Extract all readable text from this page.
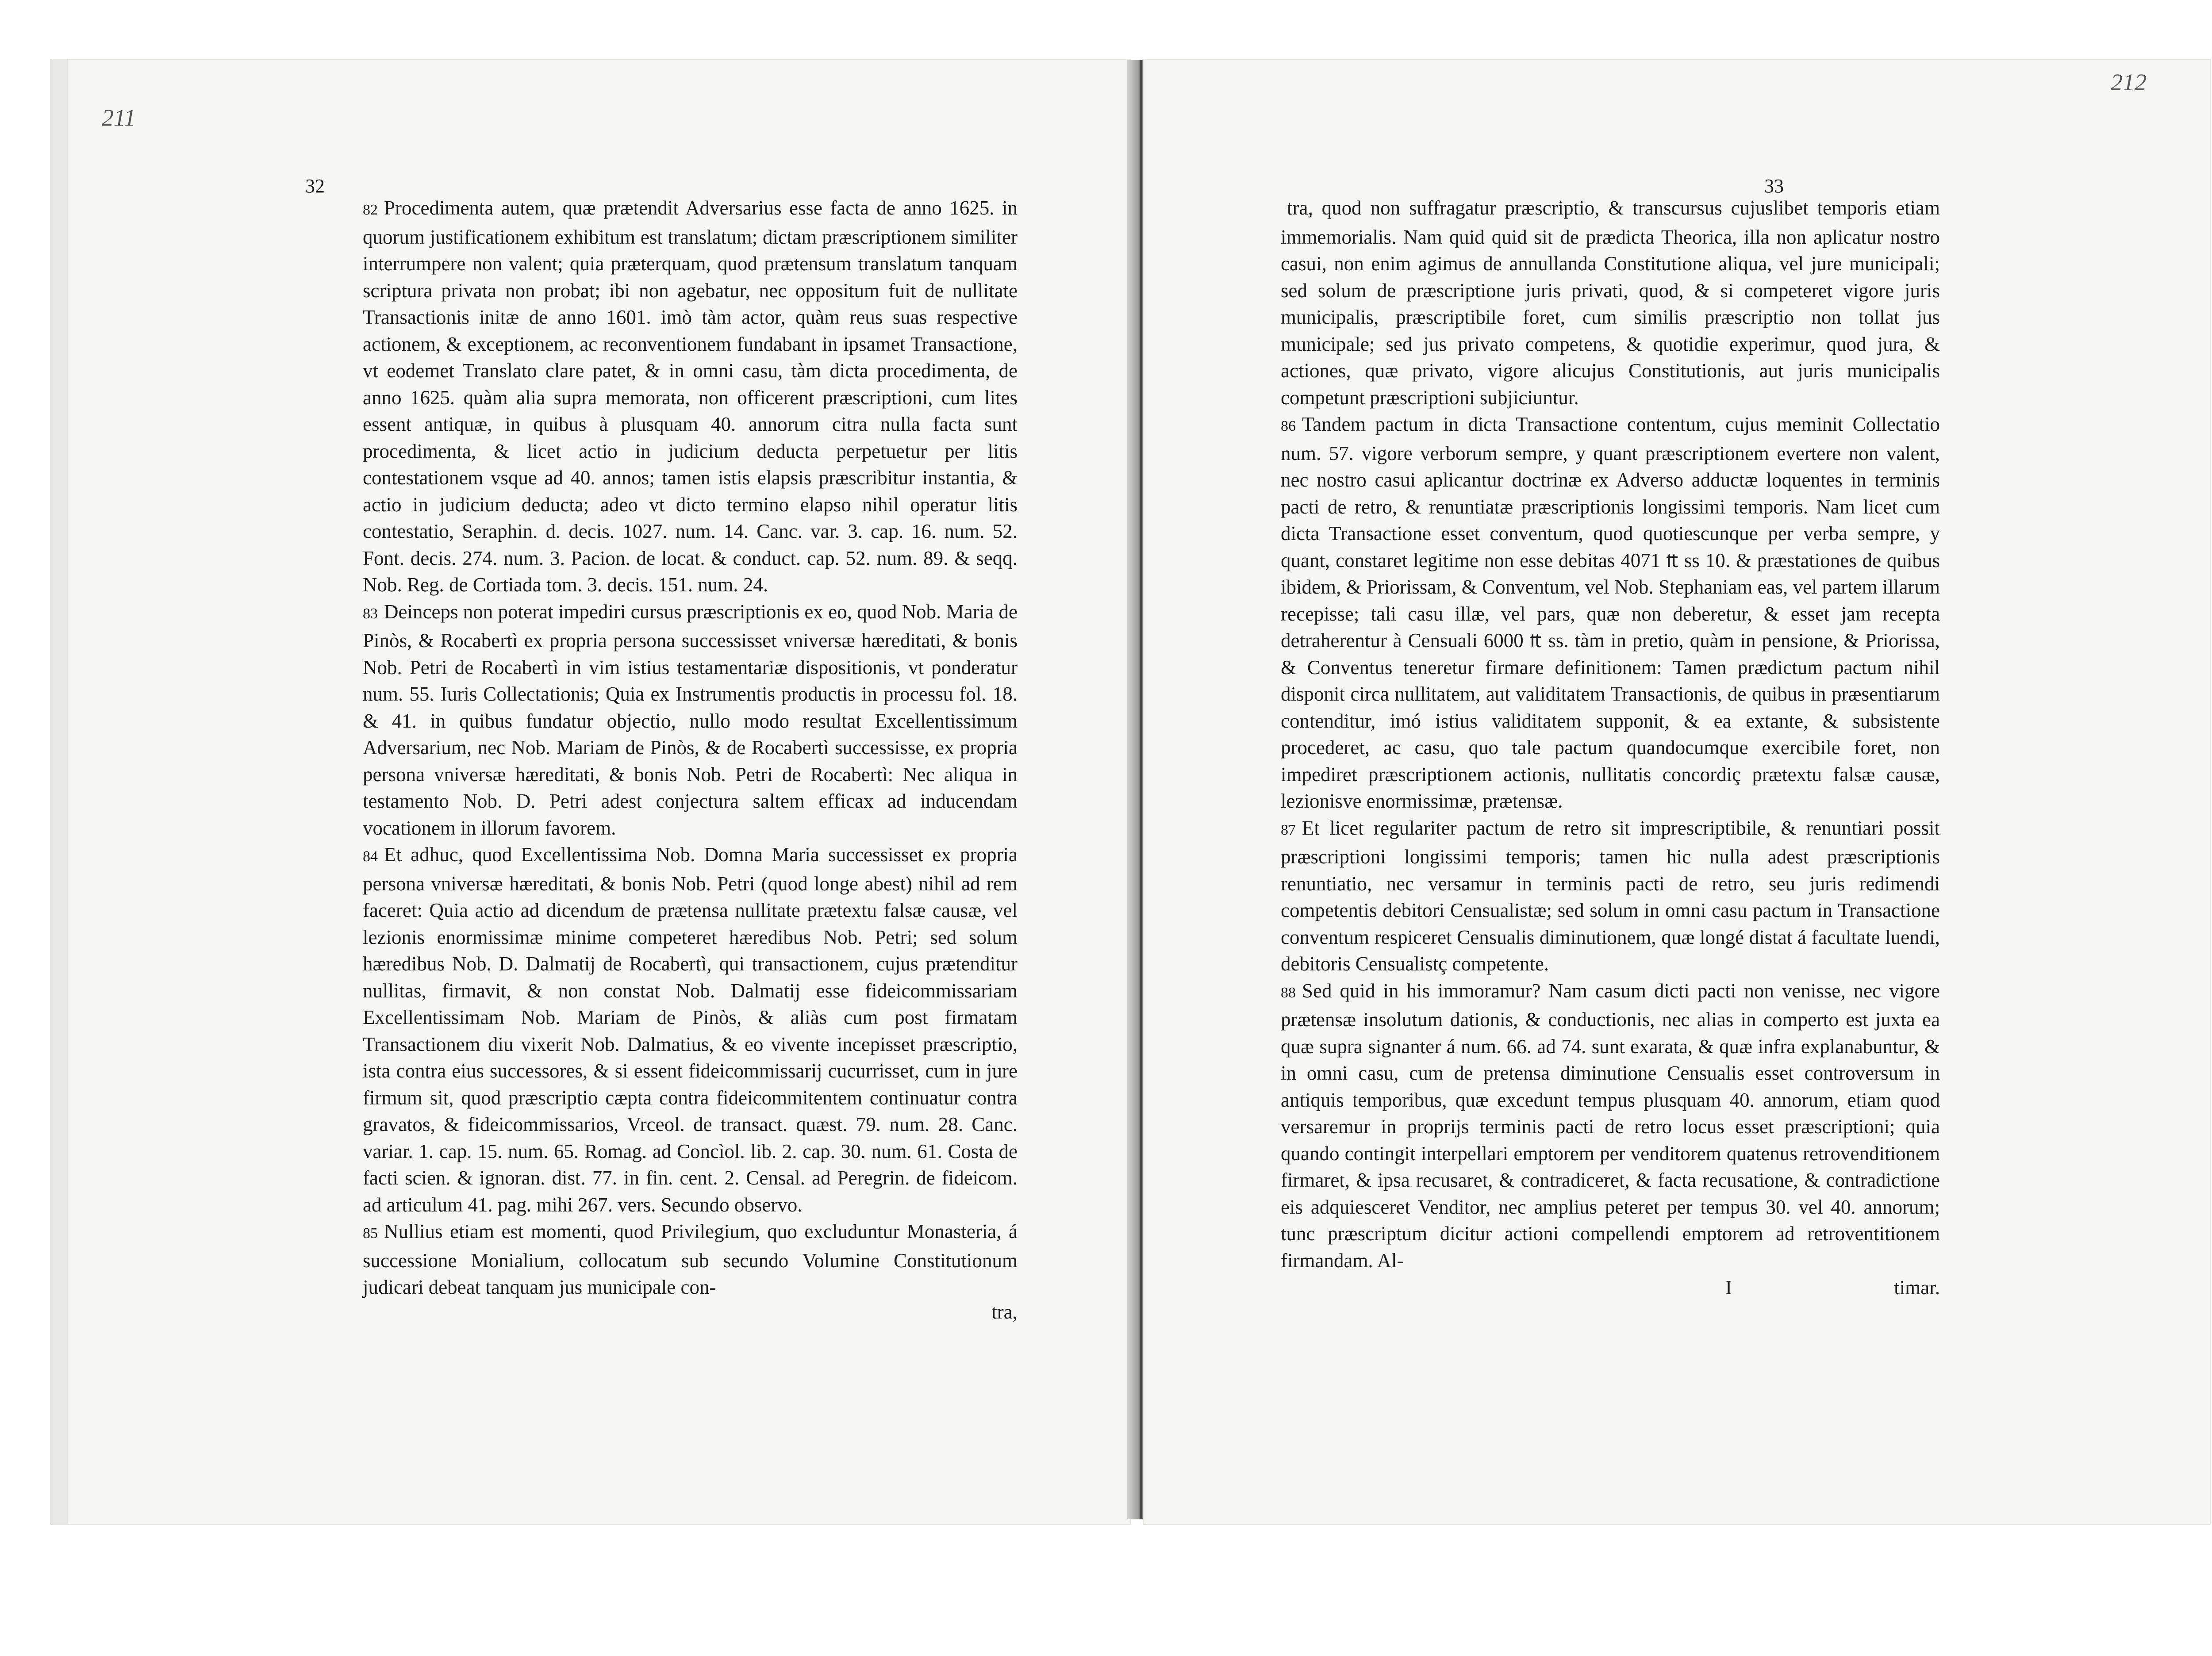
211
212
32	33

82 Procedimenta autem, quæ prætendit Adversarius esse facta de anno 1625. in quorum justificationem exhibitum est translatum; dictam præscriptionem similiter interrumpere non valent; quia præterquam, quod prætensum translatum tanquam scriptura privata non probat; ibi non agebatur, nec oppositum fuit de nullitate Transactionis initæ de anno 1601. imò tàm actor, quàm reus suas respective actionem, & exceptionem, ac reconventionem fundabant in ipsamet Transactione, vt eodemet Translato clare patet, & in omni casu, tàm dicta procedimenta, de anno 1625. quàm alia supra memorata, non officerent præscriptioni, cum lites essent antiquæ, in quibus à plusquam 40. annorum citra nulla facta sunt procedimenta, & licet actio in judicium deducta perpetuetur per litis contestationem vsque ad 40. annos; tamen istis elapsis præscribitur instantia, & actio in judicium deducta; adeo vt dicto termino elapso nihil operatur litis contestatio, Seraphin. d. decis. 1027. num. 14. Canc. var. 3. cap. 16. num. 52. Font. decis. 274. num. 3. Pacion. de locat. & conduct. cap. 52. num. 89. & seqq. Nob. Reg. de Cortiada tom. 3. decis. 151. num. 24.

83 Deinceps non poterat impediri cursus præscriptionis ex eo, quod Nob. Maria de Pinòs, & Rocabertì ex propria persona successisset vniversæ hæreditati, & bonis Nob. Petri de Rocabertì in vim istius testamentariæ dispositionis, vt ponderatur num. 55. Iuris Collectationis; Quia ex Instrumentis productis in processu fol. 18. & 41. in quibus fundatur objectio, nullo modo resultat Excellentissimum Adversarium, nec Nob. Mariam de Pinòs, & de Rocabertì successisse, ex propria persona vniversæ hæreditati, & bonis Nob. Petri de Rocabertì: Nec aliqua in testamento Nob. D. Petri adest conjectura saltem efficax ad inducendam vocationem in illorum favorem.

84 Et adhuc, quod Excellentissima Nob. Domna Maria successisset ex propria persona vniversæ hæreditati, & bonis Nob. Petri (quod longe abest) nihil ad rem faceret: Quia actio ad dicendum de prætensa nullitate prætextu falsæ causæ, vel lezionis enormissimæ minime competeret hæredibus Nob. Petri; sed solum hæredibus Nob. D. Dalmatij de Rocabertì, qui transactionem, cujus prætenditur nullitas, firmavit, & non constat Nob. Dalmatij esse fideicommissariam Excellentissimam Nob. Mariam de Pinòs, & aliàs cum post firmatam Transactionem diu vixerit Nob. Dalmatius, & eo vivente incepisset præscriptio, ista contra eius successores, & si essent fideicommissarij cucurrisset, cum in jure firmum sit, quod præscriptio cæpta contra fideicommitentem continuatur contra gravatos, & fideicommissarios, Vrceol. de transact. quæst. 79. num. 28. Canc. variar. 1. cap. 15. num. 65. Romag. ad Concìol. lib. 2. cap. 30. num. 61. Costa de facti scien. & ignoran. dist. 77. in fin. cent. 2. Censal. ad Peregrin. de fideicom. ad articulum 41. pag. mihi 267. vers. Secundo observo.

85 Nullius etiam est momenti, quod Privilegium, quo excluduntur Monasteria, á successione Monialium, collocatum sub secundo Volumine Constitutionum judicari debeat tanquam jus municipale con-

tra,

tra, quod non suffragatur præscriptio, & transcursus cujuslibet temporis etiam immemorialis. Nam quid quid sit de prædicta Theorica, illa non aplicatur nostro casui, non enim agimus de annullanda Constitutione aliqua, vel jure municipali; sed solum de præscriptione juris privati, quod, & si competeret vigore juris municipalis, præscriptibile foret, cum similis præscriptio non tollat jus municipale; sed jus privato competens, & quotidie experimur, quod jura, & actiones, quæ privato, vigore alicujus Constitutionis, aut juris municipalis competunt præscriptioni subjiciuntur.

86 Tandem pactum in dicta Transactione contentum, cujus meminit Collectatio num. 57. vigore verborum sempre, y quant præscriptionem evertere non valent, nec nostro casui aplicantur doctrinæ ex Adverso adductæ loquentes in terminis pacti de retro, & renuntiatæ præscriptionis longissimi temporis. Nam licet cum dicta Transactione esset conventum, quod quotiescunque per verba sempre, y quant, constaret legitime non esse debitas 4071 ₶ ss 10. & præstationes de quibus ibidem, & Priorissam, & Conventum, vel Nob. Stephaniam eas, vel partem illarum recepisse; tali casu illæ, vel pars, quæ non deberetur, & esset jam recepta detraherentur à Censuali 6000 ₶ ss. tàm in pretio, quàm in pensione, & Priorissa, & Conventus teneretur firmare definitionem: Tamen prædictum pactum nihil disponit circa nullitatem, aut validitatem Transactionis, de quibus in præsentiarum contenditur, imó istius validitatem supponit, & ea extante, & subsistente procederet, ac casu, quo tale pactum quandocumque exercibile foret, non impediret præscriptionem actionis, nullitatis concordiç prætextu falsæ causæ, lezionisve enormissimæ, prætensæ.

87 Et licet regulariter pactum de retro sit imprescriptibile, & renuntiari possit præscriptioni longissimi temporis; tamen hic nulla adest præscriptionis renuntiatio, nec versamur in terminis pacti de retro, seu juris redimendi competentis debitori Censualistæ; sed solum in omni casu pactum in Transactione conventum respiceret Censualis diminutionem, quæ longé distat á facultate luendi, debitoris Censualistç competente.

88 Sed quid in his immoramur? Nam casum dicti pacti non venisse, nec vigore prætensæ insolutum dationis, & conductionis, nec alias in comperto est juxta ea quæ supra signanter á num. 66. ad 74. sunt exarata, & quæ infra explanabuntur, & in omni casu, cum de pretensa diminutione Censualis esset controversum in antiquis temporibus, quæ excedunt tempus plusquam 40. annorum, etiam quod versaremur in proprijs terminis pacti de retro locus esset præscriptioni; quia quando contingit interpellari emptorem per venditorem quatenus retrovenditionem firmaret, & ipsa recusaret, & contradiceret, & facta recusatione, & contradictione eis adquiesceret Venditor, nec amplius peteret per tempus 30. vel 40. annorum; tunc præscriptum dicitur actioni compellendi emptorem ad retroventitionem firmandam. Al-

I	timar.
